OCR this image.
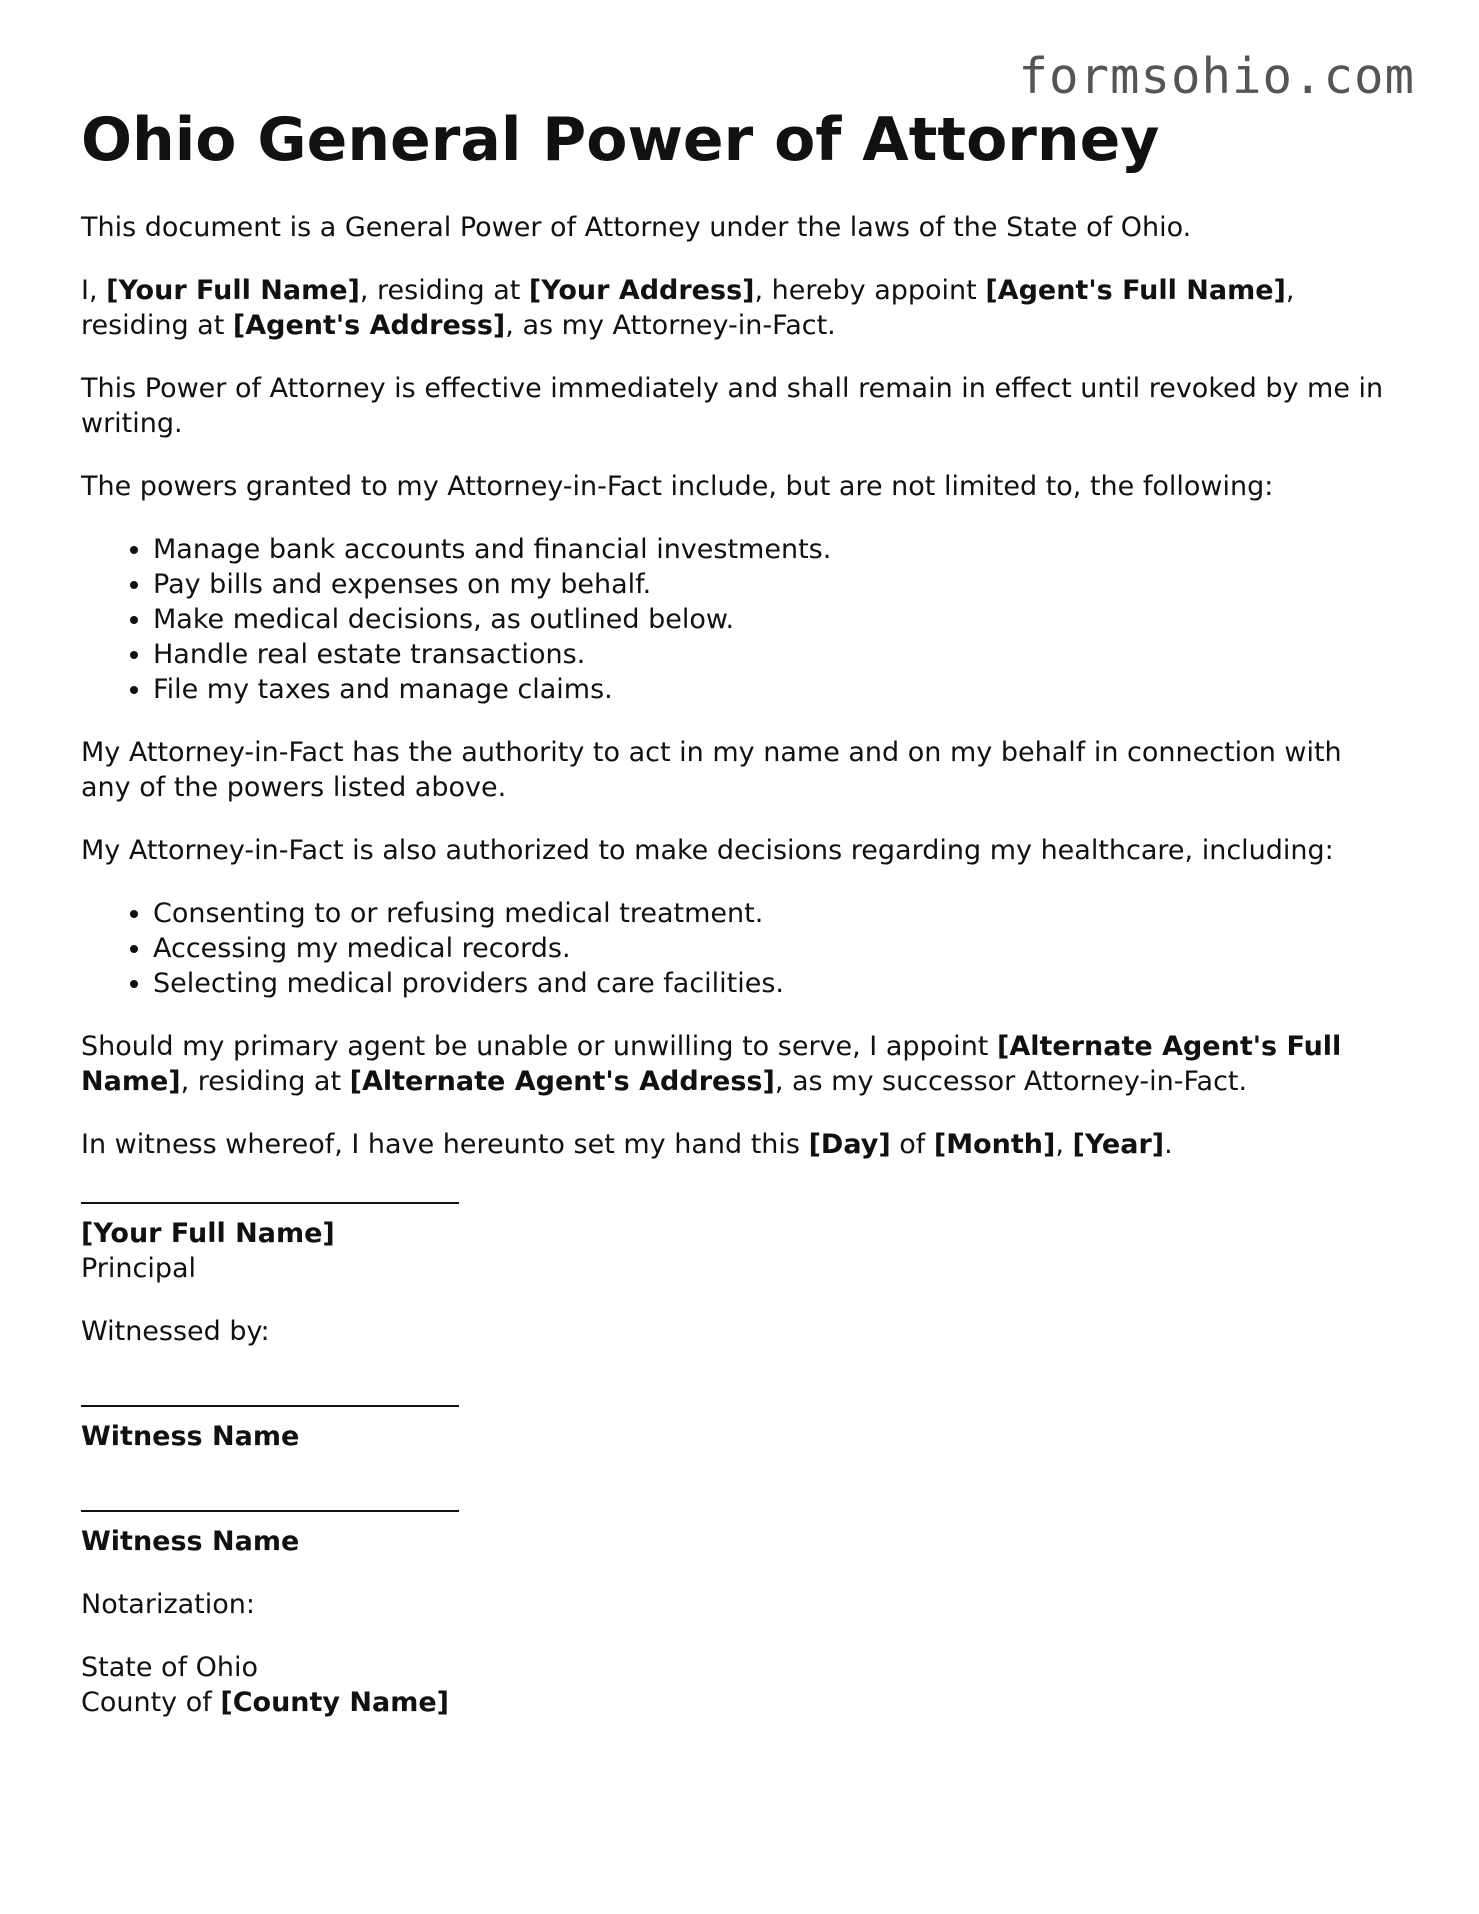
formsohio.com
Ohio General Power of Attorney

This document is a General Power of Attorney under the laws of the State of Ohio.

I, [Your Full Name], residing at [Your Address], hereby appoint [Agent's Full Name], residing at [Agent's Address], as my Attorney-in-Fact.

This Power of Attorney is effective immediately and shall remain in effect until revoked by me in writing.

The powers granted to my Attorney-in-Fact include, but are not limited to, the following:

• Manage bank accounts and financial investments.
• Pay bills and expenses on my behalf.
• Make medical decisions, as outlined below.
• Handle real estate transactions.
• File my taxes and manage claims.

My Attorney-in-Fact has the authority to act in my name and on my behalf in connection with any of the powers listed above.

My Attorney-in-Fact is also authorized to make decisions regarding my healthcare, including:

• Consenting to or refusing medical treatment.
• Accessing my medical records.
• Selecting medical providers and care facilities.

Should my primary agent be unable or unwilling to serve, I appoint [Alternate Agent's Full Name], residing at [Alternate Agent's Address], as my successor Attorney-in-Fact.

In witness whereof, I have hereunto set my hand this [Day] of [Month], [Year].

[Your Full Name]
Principal
Witnessed by:
Witness Name
Witness Name
Notarization:
State of Ohio
County of [County Name]
